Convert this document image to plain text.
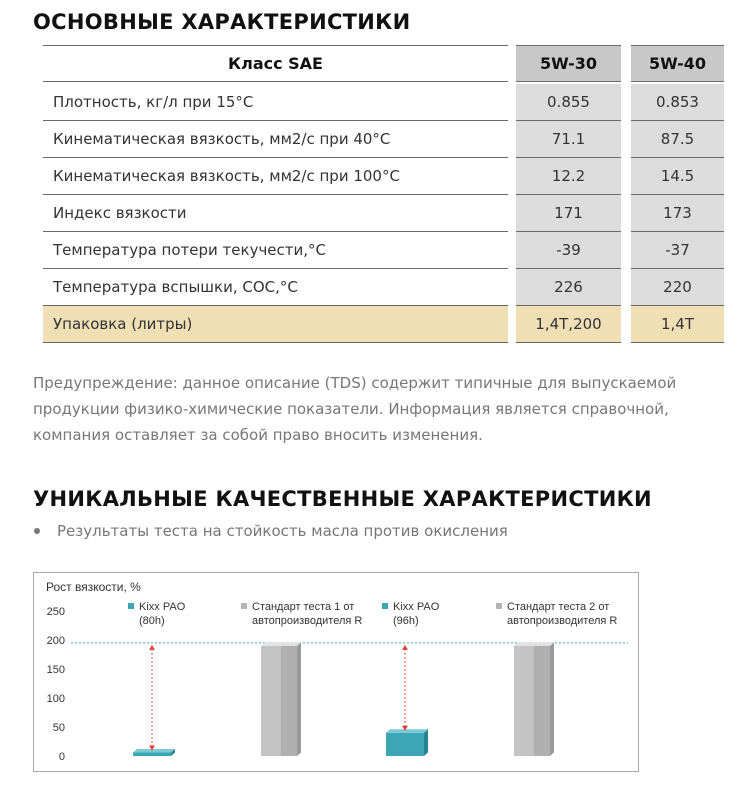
ОСНОВНЫЕ ХАРАКТЕРИСТИКИ
Класс SAE	5W-30	5W-40
Плотность, кг/л при 15°С	0.855	0.853
Кинематическая вязкость, мм2/с при 40°С	71.1	87.5
Кинематическая вязкость, мм2/с при 100°С	12.2	14.5
Индекс вязкости	171	173
Температура потери текучести,°С	-39	-37
Температура вспышки, СОС,°С	226	220
Упаковка (литры)	1,4Т,200	1,4Т
Предупреждение: данное описание (TDS) содержит типичные для выпускаемой продукции физико-химические показатели. Информация является справочной, компания оставляет за собой право вносить изменения.
УНИКАЛЬНЫЕ КАЧЕСТВЕННЫЕ ХАРАКТЕРИСТИКИ
Результаты теста на стойкость масла против окисления
Рост вязкости, %
250
200
150
100
50
0
Kixx PAO
(80h)
Стандарт теста 1 от
автопроизводителя R
Kixx PAO
(96h)
Стандарт теста 2 от
автопроизводителя R
